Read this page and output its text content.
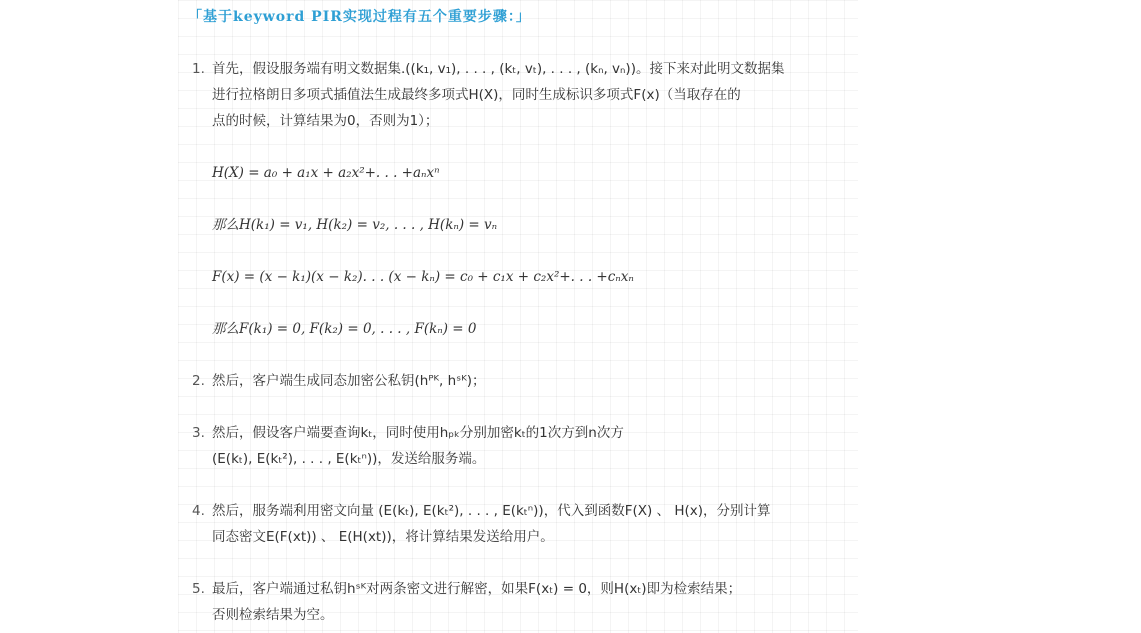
「基于keyword PIR实现过程有五个重要步骤：」
1. 首先，假设服务端有明文数据集.((k₁, v₁), . . . , (kₜ, vₜ), . . . , (kₙ, vₙ))。接下来对此明文数据集
进行拉格朗日多项式插值法生成最终多项式H(X)，同时生成标识多项式F(x)（当取存在的
点的时候，计算结果为0，否则为1）；
H(X) = a₀ + a₁x + a₂x²+. . . +aₙxⁿ
那么H(k₁) = v₁, H(k₂) = v₂, . . . , H(kₙ) = vₙ
F(x) = (x − k₁)(x − k₂). . . (x − kₙ) = c₀ + c₁x + c₂x²+. . . +cₙxₙ
那么F(k₁) = 0, F(k₂) = 0, . . . , F(kₙ) = 0
2. 然后，客户端生成同态加密公私钥(hᴾᴷ, hˢᴷ)；
3. 然后，假设客户端要查询kₜ，同时使用hₚₖ分别加密kₜ的1次方到n次方
(E(kₜ), E(kₜ²), . . . , E(kₜⁿ))，发送给服务端。
4. 然后，服务端利用密文向量 (E(kₜ), E(kₜ²), . . . , E(kₜⁿ))，代入到函数F(X) 、 H(x)，分别计算
同态密文E(F(xt)) 、 E(H(xt))，将计算结果发送给用户。
5. 最后，客户端通过私钥hˢᴷ对两条密文进行解密，如果F(xₜ) = 0，则H(xₜ)即为检索结果；
否则检索结果为空。
